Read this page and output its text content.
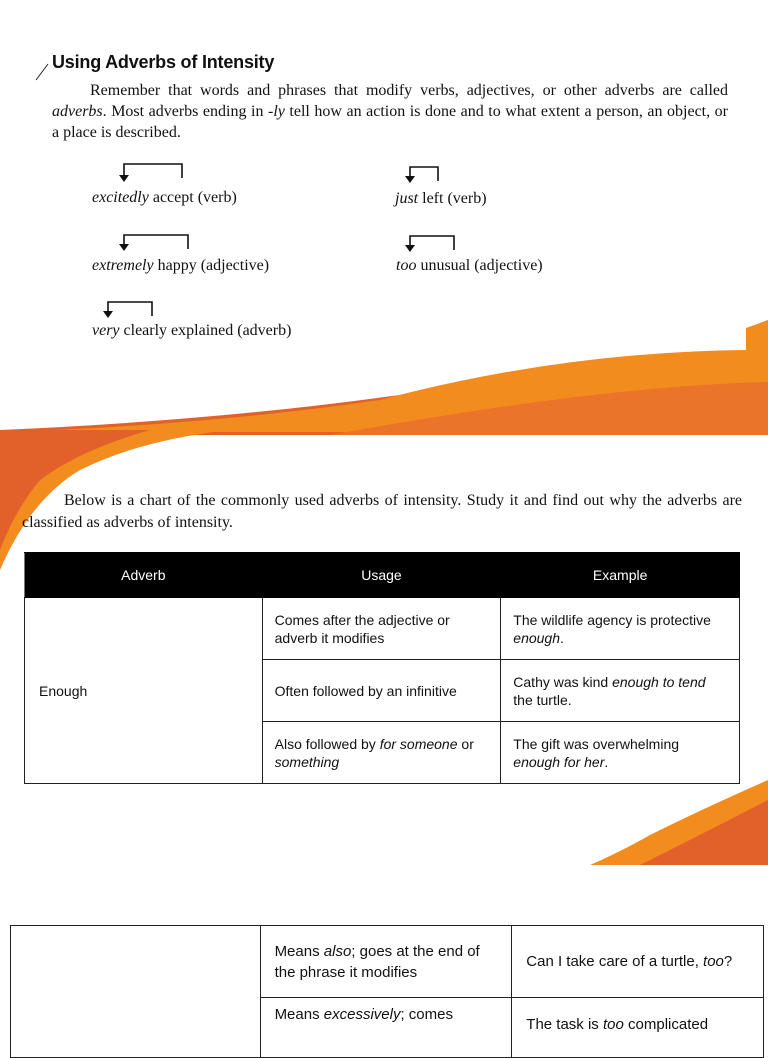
Using Adverbs of Intensity
Remember that words and phrases that modify verbs, adjectives, or other adverbs are called adverbs. Most adverbs ending in -ly tell how an action is done and to what extent a person, an object, or a place is described.
excitedly accept (verb)	just left (verb)
extremely happy (adjective)	too unusual (adjective)
very clearly explained (adverb)
Below is a chart of the commonly used adverbs of intensity. Study it and find out why the adverbs are classified as adverbs of intensity.
Adverb	Usage	Example
Enough	Comes after the adjective or adverb it modifies	The wildlife agency is protective enough.
	Often followed by an infinitive	Cathy was kind enough to tend the turtle.
	Also followed by for someone or something	The gift was overwhelming enough for her.
	Means also; goes at the end of the phrase it modifies	Can I take care of a turtle, too?
	Means excessively; comes	The task is too complicated
